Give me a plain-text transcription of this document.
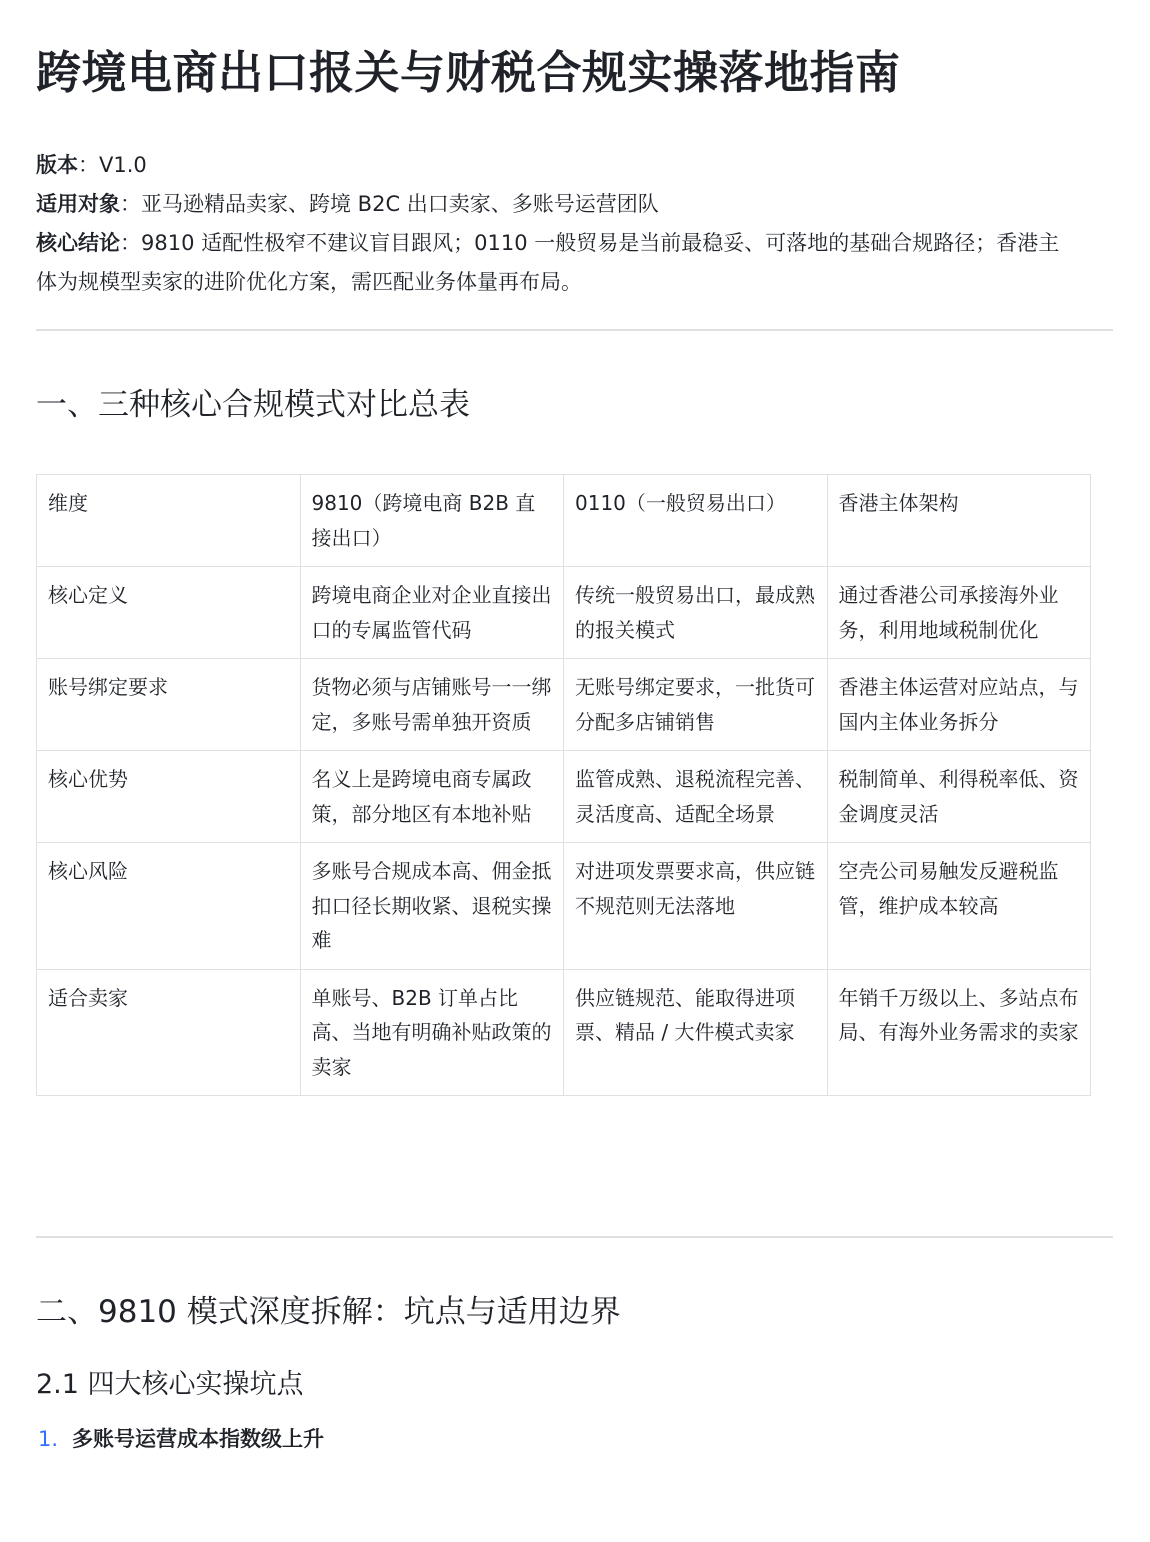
跨境电商出口报关与财税合规实操落地指南

版本：V1.0

适用对象：亚马逊精品卖家、跨境 B2C 出口卖家、多账号运营团队

核心结论：9810 适配性极窄不建议盲目跟风；0110 一般贸易是当前最稳妥、可落地的基础合规路径；香港主体为规模型卖家的进阶优化方案，需匹配业务体量再布局。

一、三种核心合规模式对比总表
维度	9810（跨境电商 B2B 直接出口）	0110（一般贸易出口）	香港主体架构
核心定义	跨境电商企业对企业直接出口的专属监管代码	传统一般贸易出口，最成熟的报关模式	通过香港公司承接海外业务，利用地域税制优化
账号绑定要求	货物必须与店铺账号一一绑定，多账号需单独开资质	无账号绑定要求，一批货可分配多店铺销售	香港主体运营对应站点，与国内主体业务拆分
核心优势	名义上是跨境电商专属政策，部分地区有本地补贴	监管成熟、退税流程完善、灵活度高、适配全场景	税制简单、利得税率低、资金调度灵活
核心风险	多账号合规成本高、佣金抵扣口径长期收紧、退税实操难	对进项发票要求高，供应链不规范则无法落地	空壳公司易触发反避税监管，维护成本较高
适合卖家	单账号、B2B 订单占比高、当地有明确补贴政策的卖家	供应链规范、能取得进项票、精品 / 大件模式卖家	年销千万级以上、多站点布局、有海外业务需求的卖家
二、9810 模式深度拆解：坑点与适用边界
2.1 四大核心实操坑点
1. 多账号运营成本指数级上升
